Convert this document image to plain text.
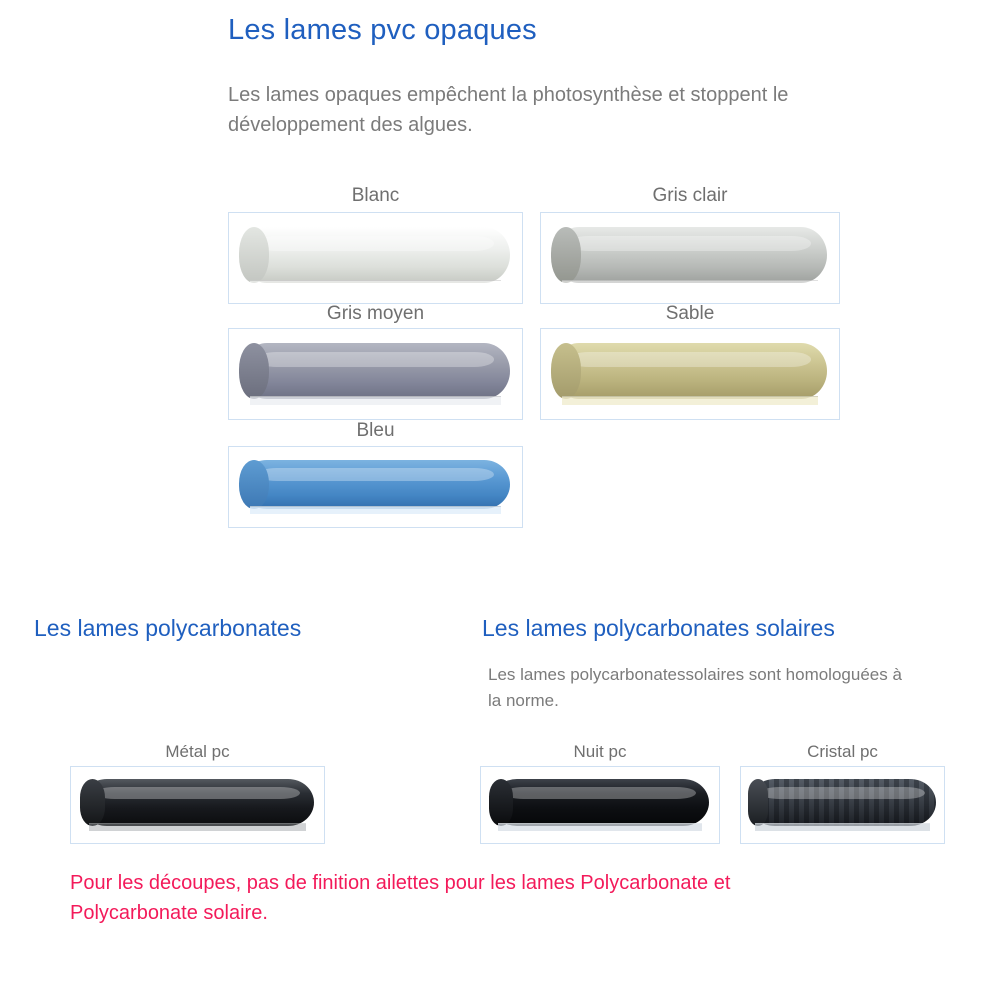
Les lames pvc opaques
Les lames opaques empêchent la photosynthèse et stoppent le développement des algues.
Blanc	Gris clair
Gris moyen	Sable
Bleu
Les lames polycarbonates
Métal pc
Les lames polycarbonates solaires
Les lames polycarbonatessolaires sont homologuées à la norme.
Nuit pc	Cristal pc
Pour les découpes, pas de finition ailettes pour les lames Polycarbonate et Polycarbonate solaire.
